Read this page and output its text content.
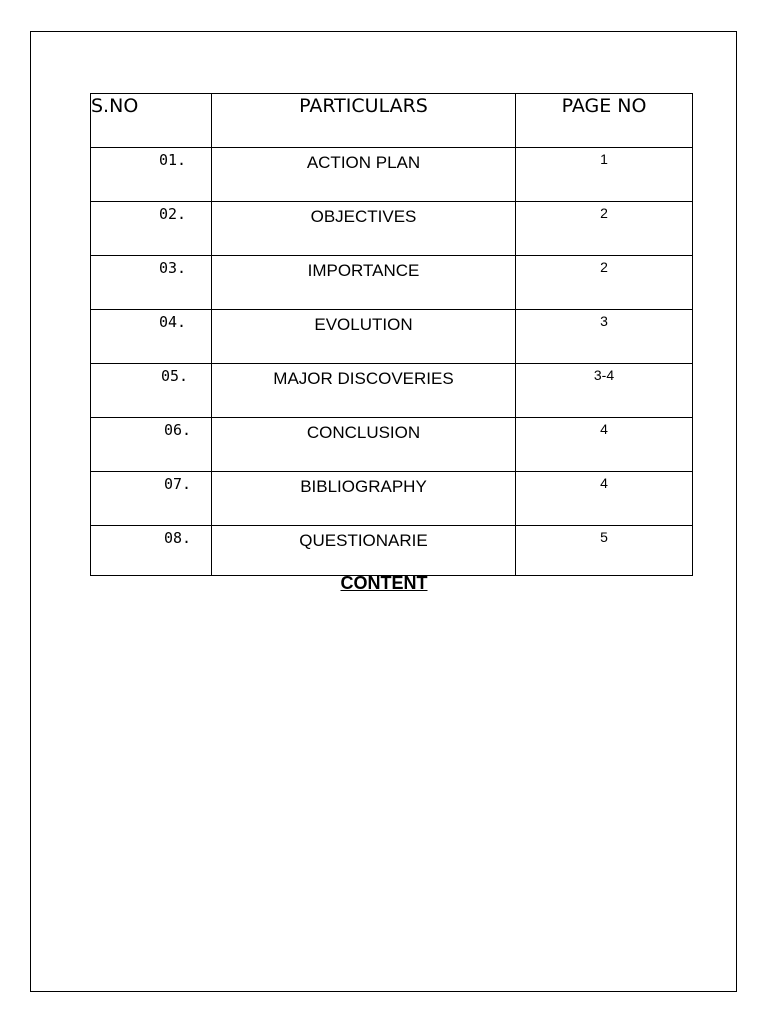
S.NO	PARTICULARS	PAGE NO
01.	ACTION PLAN	1
02.	OBJECTIVES	2
03.	IMPORTANCE	2
04.	EVOLUTION	3
05.	MAJOR DISCOVERIES	3-4
06.	CONCLUSION	4
07.	BIBLIOGRAPHY	4
08.	QUESTIONARIE	5
CONTENT
